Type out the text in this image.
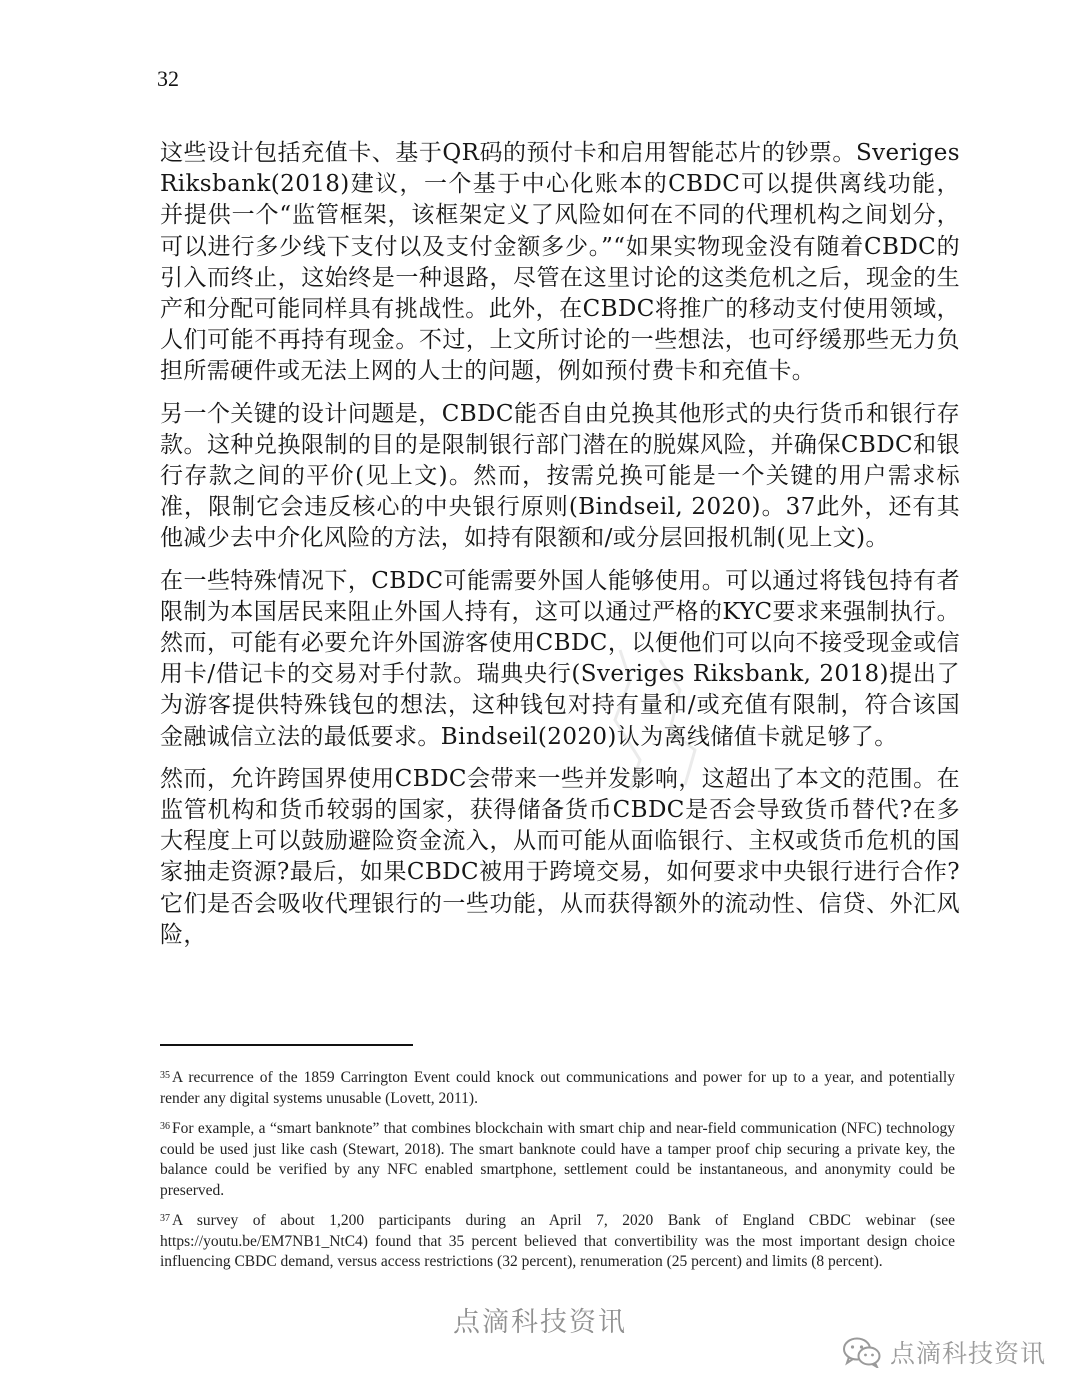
32

这些设计包括充值卡、基于QR码的预付卡和启用智能芯片的钞票。Sveriges Riksbank(2018)建议，一个基于中心化账本的CBDC可以提供离线功能，并提供一个“监管框架，该框架定义了风险如何在不同的代理机构之间划分，可以进行多少线下支付以及支付金额多少。”“如果实物现金没有随着CBDC的引入而终止，这始终是一种退路，尽管在这里讨论的这类危机之后，现金的生产和分配可能同样具有挑战性。此外，在CBDC将推广的移动支付使用领域，人们可能不再持有现金。不过，上文所讨论的一些想法，也可纾缓那些无力负担所需硬件或无法上网的人士的问题，例如预付费卡和充值卡。

另一个关键的设计问题是，CBDC能否自由兑换其他形式的央行货币和银行存款。这种兑换限制的目的是限制银行部门潜在的脱媒风险，并确保CBDC和银行存款之间的平价(见上文)。然而，按需兑换可能是一个关键的用户需求标准，限制它会违反核心的中央银行原则(Bindseil, 2020)。37此外，还有其他减少去中介化风险的方法，如持有限额和/或分层回报机制(见上文)。

在一些特殊情况下，CBDC可能需要外国人能够使用。可以通过将钱包持有者限制为本国居民来阻止外国人持有，这可以通过严格的KYC要求来强制执行。然而，可能有必要允许外国游客使用CBDC，以便他们可以向不接受现金或信用卡/借记卡的交易对手付款。瑞典央行(Sveriges Riksbank, 2018)提出了为游客提供特殊钱包的想法，这种钱包对持有量和/或充值有限制，符合该国金融诚信立法的最低要求。Bindseil(2020)认为离线储值卡就足够了。

然而，允许跨国界使用CBDC会带来一些并发影响，这超出了本文的范围。在监管机构和货币较弱的国家，获得储备货币CBDC是否会导致货币替代?在多大程度上可以鼓励避险资金流入，从而可能从面临银行、主权或货币危机的国家抽走资源?最后，如果CBDC被用于跨境交易，如何要求中央银行进行合作?它们是否会吸收代理银行的一些功能，从而获得额外的流动性、信贷、外汇风险，

$^{35}$ A recurrence of the 1859 Carrington Event could knock out communications and power for up to a year, and potentially render any digital systems unusable (Lovett, 2011).

$^{36}$ For example, a “smart banknote” that combines blockchain with smart chip and near-field communication (NFC) technology could be used just like cash (Stewart, 2018). The smart banknote could have a tamper proof chip securing a private key, the balance could be verified by any NFC enabled smartphone, settlement could be instantaneous, and anonymity could be preserved.

$^{37}$ A survey of about 1,200 participants during an April 7, 2020 Bank of England CBDC webinar (see https://youtu.be/EM7NB1_NtC4) found that 35 percent believed that convertibility was the most important design choice influencing CBDC demand, versus access restrictions (32 percent), renumeration (25 percent) and limits (8 percent).

点滴科技资讯
点滴科技资讯
